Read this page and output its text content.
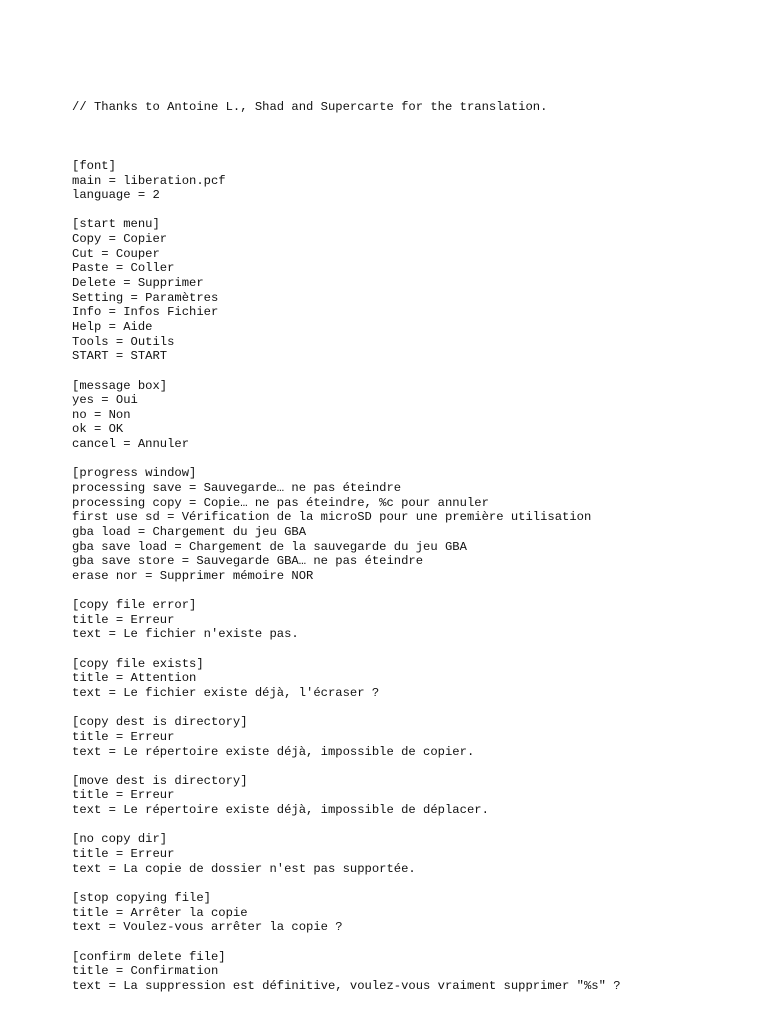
// Thanks to Antoine L., Shad and Supercarte for the translation.

[font]
main = liberation.pcf
language = 2
[start menu]
Copy = Copier
Cut = Couper
Paste = Coller
Delete = Supprimer
Setting = Paramètres
Info = Infos Fichier
Help = Aide
Tools = Outils
START = START
[message box]
yes = Oui
no = Non
ok = OK
cancel = Annuler
[progress window]
processing save = Sauvegarde… ne pas éteindre
processing copy = Copie… ne pas éteindre, %c pour annuler
first use sd = Vérification de la microSD pour une première utilisation
gba load = Chargement du jeu GBA
gba save load = Chargement de la sauvegarde du jeu GBA
gba save store = Sauvegarde GBA… ne pas éteindre
erase nor = Supprimer mémoire NOR
[copy file error]
title = Erreur
text = Le fichier n'existe pas.
[copy file exists]
title = Attention
text = Le fichier existe déjà, l'écraser ?
[copy dest is directory]
title = Erreur
text = Le répertoire existe déjà, impossible de copier.
[move dest is directory]
title = Erreur
text = Le répertoire existe déjà, impossible de déplacer.
[no copy dir]
title = Erreur
text = La copie de dossier n'est pas supportée.
[stop copying file]
title = Arrêter la copie
text = Voulez-vous arrêter la copie ?
[confirm delete file]
title = Confirmation
text = La suppression est définitive, voulez-vous vraiment supprimer "%s" ?
